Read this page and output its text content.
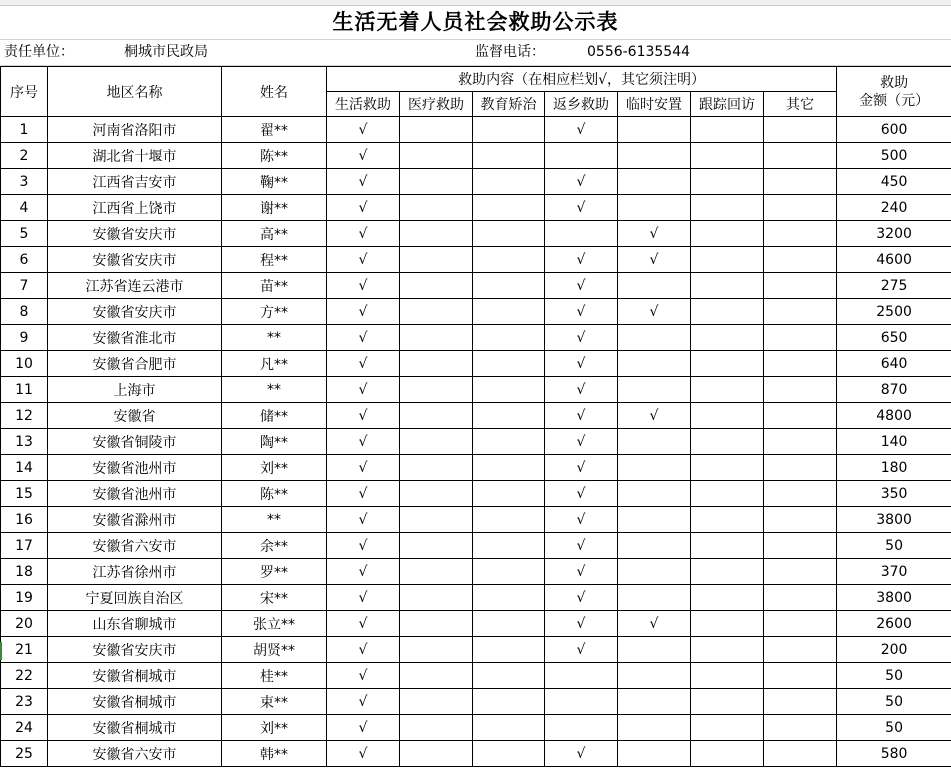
生活无着人员社会救助公示表
责任单位：	桐城市民政局	监督电话：	0556-6135544
序号	地区名称	姓名	救助内容（在相应栏划√，其它须注明）							救助
金额（元）
			生活救助	医疗救助	教育矫治	返乡救助	临时安置	跟踪回访	其它	
1	河南省洛阳市	翟**	√			√				600
2	湖北省十堰市	陈**	√							500
3	江西省吉安市	鞠**	√			√				450
4	江西省上饶市	谢**	√			√				240
5	安徽省安庆市	高**	√				√			3200
6	安徽省安庆市	程**	√			√	√			4600
7	江苏省连云港市	苗**	√			√				275
8	安徽省安庆市	方**	√			√	√			2500
9	安徽省淮北市	**	√			√				650
10	安徽省合肥市	凡**	√			√				640
11	上海市	**	√			√				870
12	安徽省	储**	√			√	√			4800
13	安徽省铜陵市	陶**	√			√				140
14	安徽省池州市	刘**	√			√				180
15	安徽省池州市	陈**	√			√				350
16	安徽省滁州市	**	√			√				3800
17	安徽省六安市	余**	√			√				50
18	江苏省徐州市	罗**	√			√				370
19	宁夏回族自治区	宋**	√			√				3800
20	山东省聊城市	张立**	√			√	√			2600
21	安徽省安庆市	胡贤**	√			√				200
22	安徽省桐城市	桂**	√							50
23	安徽省桐城市	束**	√							50
24	安徽省桐城市	刘**	√							50
25	安徽省六安市	韩**	√			√				580
